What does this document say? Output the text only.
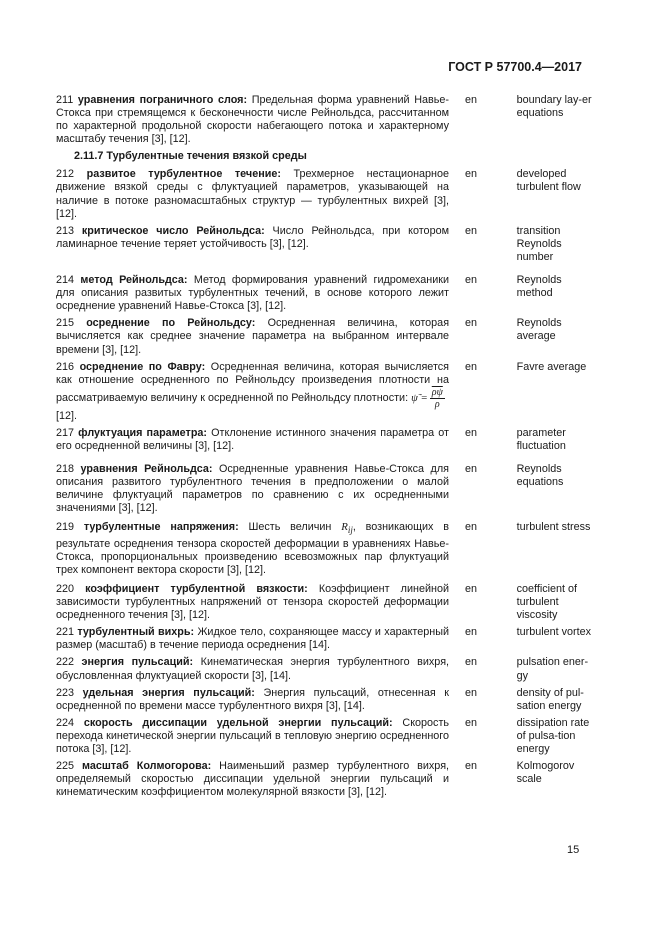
ГОСТ Р 57700.4—2017
211 уравнения пограничного слоя: Предельная форма уравнений Навье-Стокса при стремящемся к бесконечности числе Рейнольдса, рассчитанном по характерной продольной скорости набегающего потока и характерному масштабу течения [3], [12].
en	boundary lay-er equations
2.11.7 Турбулентные течения вязкой среды
212 развитое турбулентное течение: Трехмерное нестационарное движение вязкой среды с флуктуацией параметров, указывающей на наличие в потоке разномасштабных структур — турбулентных вихрей [3], [12].
en	developed turbulent flow
213 критическое число Рейнольдса: Число Рейнольдса, при котором ламинарное течение теряет устойчивость [3], [12].
en	transition Reynolds number
214 метод Рейнольдса: Метод формирования уравнений гидромеханики для описания развитых турбулентных течений, в основе которого лежит осреднение уравнений Навье-Стокса [3], [12].
en	Reynolds method
215 осреднение по Рейнольдсу: Осредненная величина, которая вычисляется как среднее значение параметра на выбранном интервале времени [3], [12].
en	Reynolds average
216 осреднение по Фавру: Осредненная величина, которая вычисляется как отношение осредненного по Рейнольдсу произведения плотности на рассматриваемую величину к осредненной по Рейнольдсу плотности: ψ̃ = $\frac{\overline{\rho\psi}}{\rho}$

[12].
en	Favre average
217 флуктуация параметра: Отклонение истинного значения параметра от его осредненной величины [3], [12].
en	parameter fluctuation
218 уравнения Рейнольдса: Осредненные уравнения Навье-Стокса для описания развитого турбулентного течения в предположении о малой величине флуктуаций параметров по сравнению с их осредненными значениями [3], [12].
en	Reynolds equations
219 турбулентные напряжения: Шесть величин $R_{ij}$, возникающих в результате осреднения тензора скоростей деформации в уравнениях Навье-Стокса, пропорциональных произведению всевозможных пар флуктуаций трех компонент вектора скорости [3], [12].
en	turbulent stress
220 коэффициент турбулентной вязкости: Коэффициент линейной зависимости турбулентных напряжений от тензора скоростей деформации осредненного течения [3], [12].
en	coefficient of turbulent viscosity
221 турбулентный вихрь: Жидкое тело, сохраняющее массу и характерный размер (масштаб) в течение периода осреднения [14].
en	turbulent vortex
222 энергия пульсаций: Кинематическая энергия турбулентного вихря, обусловленная флуктуацией скорости [3], [14].
en	pulsation ener-gy
223 удельная энергия пульсаций: Энергия пульсаций, отнесенная к осредненной по времени массе турбулентного вихря [3], [14].
en	density of pul-sation energy
224 скорость диссипации удельной энергии пульсаций: Скорость перехода кинетической энергии пульсаций в тепловую энергию осредненного потока [3], [12].
en	dissipation rate of pulsa-tion energy
225 масштаб Колмогорова: Наименьший размер турбулентного вихря, определяемый скоростью диссипации удельной энергии пульсаций и кинематическим коэффициентом молекулярной вязкости [3], [12].
en	Kolmogorov scale
15
